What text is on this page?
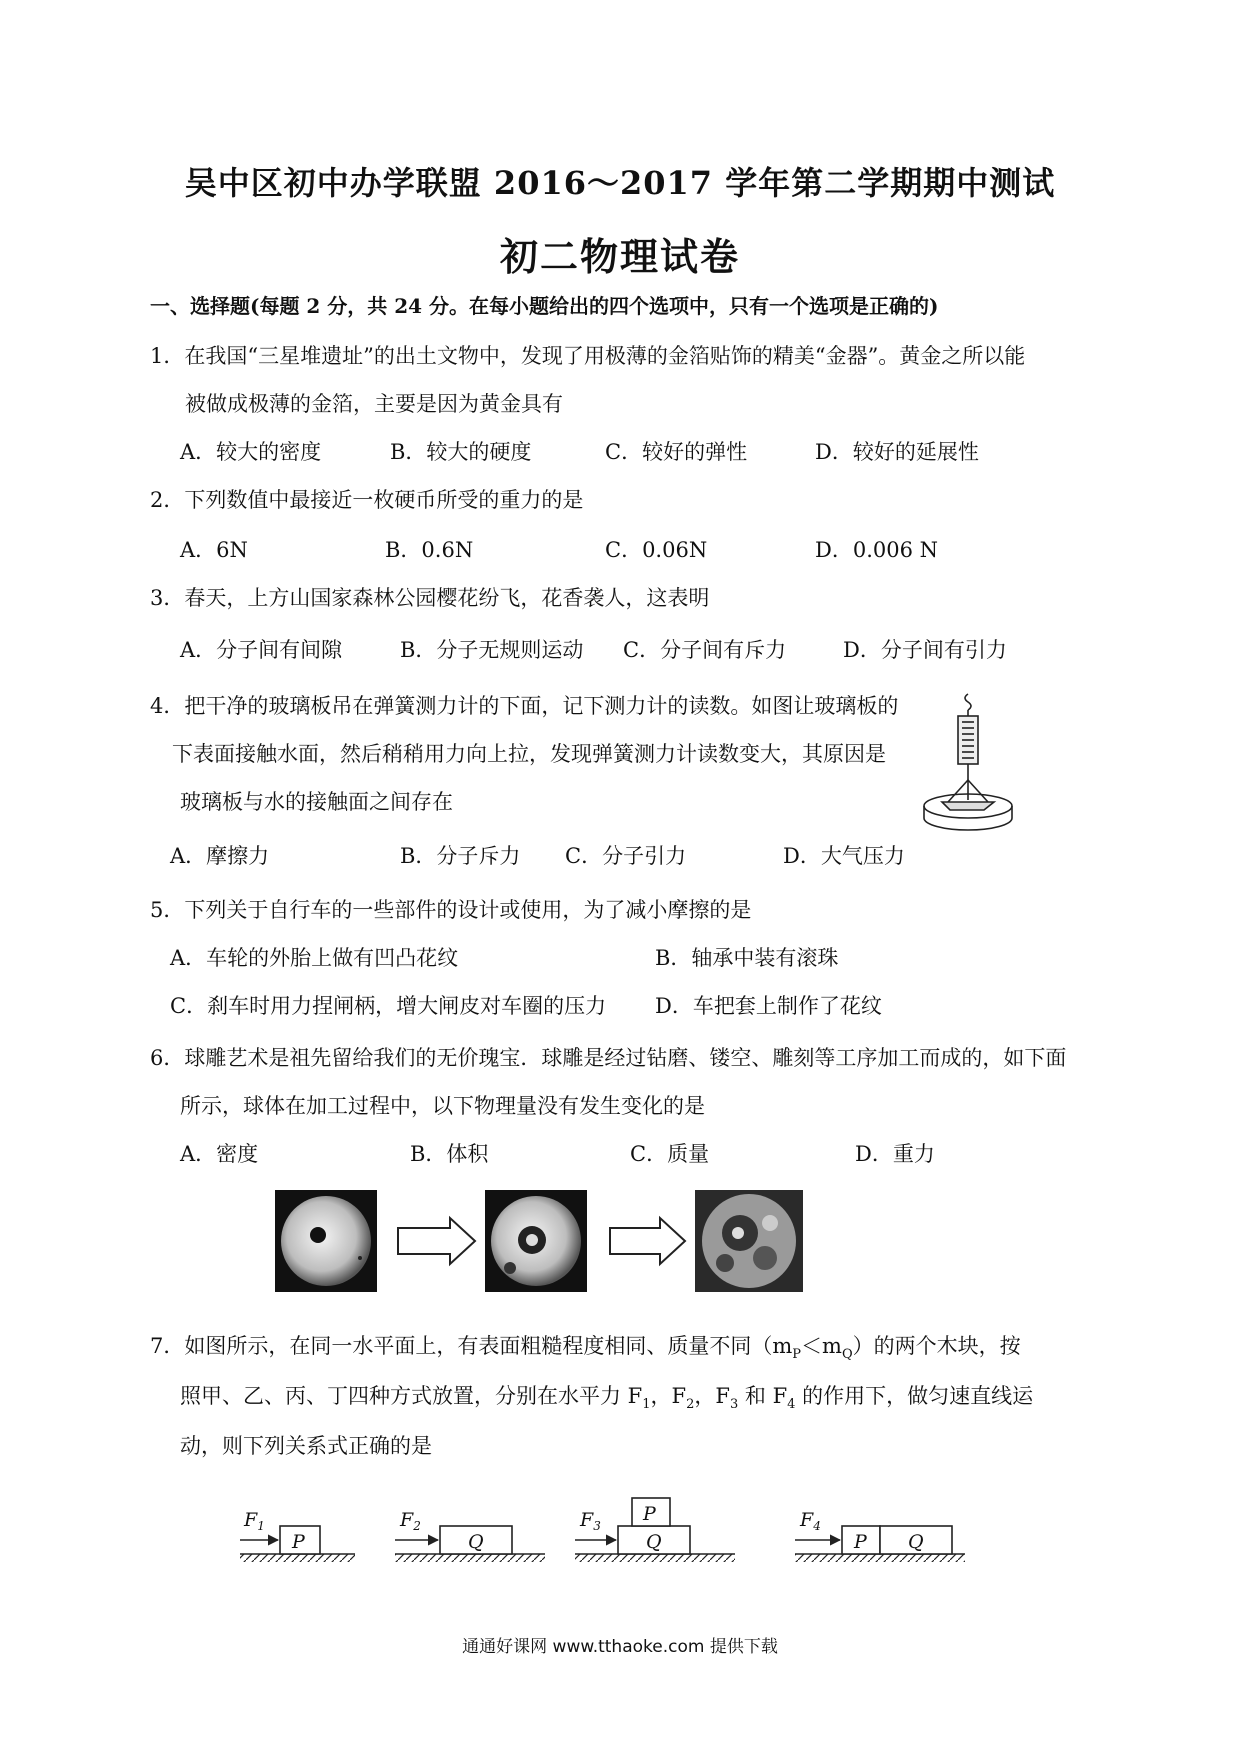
吴中区初中办学联盟 2016～2017 学年第二学期期中测试
初二物理试卷
一、选择题(每题 2 分，共 24 分。在每小题给出的四个选项中，只有一个选项是正确的)
1．在我国“三星堆遗址”的出土文物中，发现了用极薄的金箔贴饰的精美“金器”。黄金之所以能
被做成极薄的金箔，主要是因为黄金具有
A．较大的密度	B．较大的硬度	C．较好的弹性	D．较好的延展性
2．下列数值中最接近一枚硬币所受的重力的是
A．6N	B．0.6N	C．0.06N	D．0.006 N
3．春天，上方山国家森林公园樱花纷飞，花香袭人，这表明
A．分子间有间隙	B．分子无规则运动 C．分子间有斥力	D．分子间有引力
4．把干净的玻璃板吊在弹簧测力计的下面，记下测力计的读数。如图让玻璃板的
下表面接触水面，然后稍稍用力向上拉，发现弹簧测力计读数变大，其原因是
玻璃板与水的接触面之间存在
A．摩擦力	B．分子斥力 C．分子引力	D．大气压力
5．下列关于自行车的一些部件的设计或使用，为了减小摩擦的是
A．车轮的外胎上做有凹凸花纹	B．轴承中装有滚珠
C．刹车时用力捏闸柄，增大闸皮对车圈的压力 D．车把套上制作了花纹
6．球雕艺术是祖先留给我们的无价瑰宝．球雕是经过钻磨、镂空、雕刻等工序加工而成的，如下面
所示，球体在加工过程中，以下物理量没有发生变化的是
A．密度	B．体积	C．质量	D．重力
7．如图所示，在同一水平面上，有表面粗糙程度相同、质量不同$(m_P<m_Q)$的两个木块，按
照甲、乙、丙、丁四种方式放置，分别在水平力 $F_1$，$F_2$，$F_3$ 和 $F_4$ 的作用下，做匀速直线运
动，则下列关系式正确的是
$F_1$
P
$F_2$
Q
$F_3$
P
Q
$F_4$
P Q
通通好课网 www.tthaoke.com 提供下载
